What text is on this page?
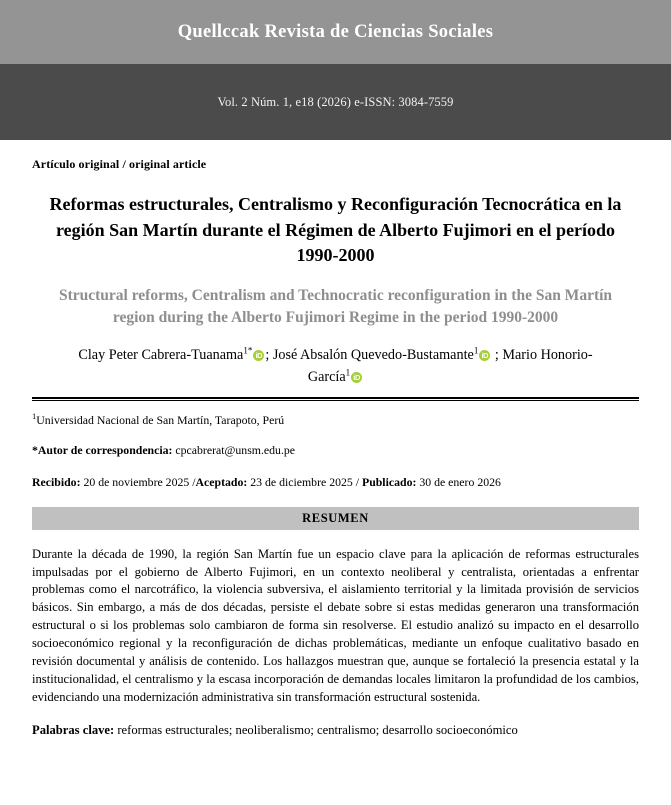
Quellccak Revista de Ciencias Sociales
Vol. 2 Núm. 1, e18 (2026) e-ISSN: 3084-7559
Artículo original / original article
Reformas estructurales, Centralismo y Reconfiguración Tecnocrática en la región San Martín durante el Régimen de Alberto Fujimori en el período 1990-2000
Structural reforms, Centralism and Technocratic reconfiguration in the San Martín region during the Alberto Fujimori Regime in the period 1990-2000
Clay Peter Cabrera-Tuanama$^{1*}$iD ; José Absalón Quevedo-Bustamante$^1$iD ; Mario Honorio-García$^1$iD
$^1$Universidad Nacional de San Martín, Tarapoto, Perú
*Autor de correspondencia: cpcabrerat@unsm.edu.pe
Recibido: 20 de noviembre 2025 /Aceptado: 23 de diciembre 2025 / Publicado: 30 de enero 2026
RESUMEN

Durante la década de 1990, la región San Martín fue un espacio clave para la aplicación de reformas estructurales impulsadas por el gobierno de Alberto Fujimori, en un contexto neoliberal y centralista, orientadas a enfrentar problemas como el narcotráfico, la violencia subversiva, el aislamiento territorial y la limitada provisión de servicios básicos. Sin embargo, a más de dos décadas, persiste el debate sobre si estas medidas generaron una transformación estructural o si los problemas solo cambiaron de forma sin resolverse. El estudio analizó su impacto en el desarrollo socioeconómico regional y la reconfiguración de dichas problemáticas, mediante un enfoque cualitativo basado en revisión documental y análisis de contenido. Los hallazgos muestran que, aunque se fortaleció la presencia estatal y la institucionalidad, el centralismo y la escasa incorporación de demandas locales limitaron la profundidad de los cambios, evidenciando una modernización administrativa sin transformación estructural sostenida.

Palabras clave: reformas estructurales; neoliberalismo; centralismo; desarrollo socioeconómico
